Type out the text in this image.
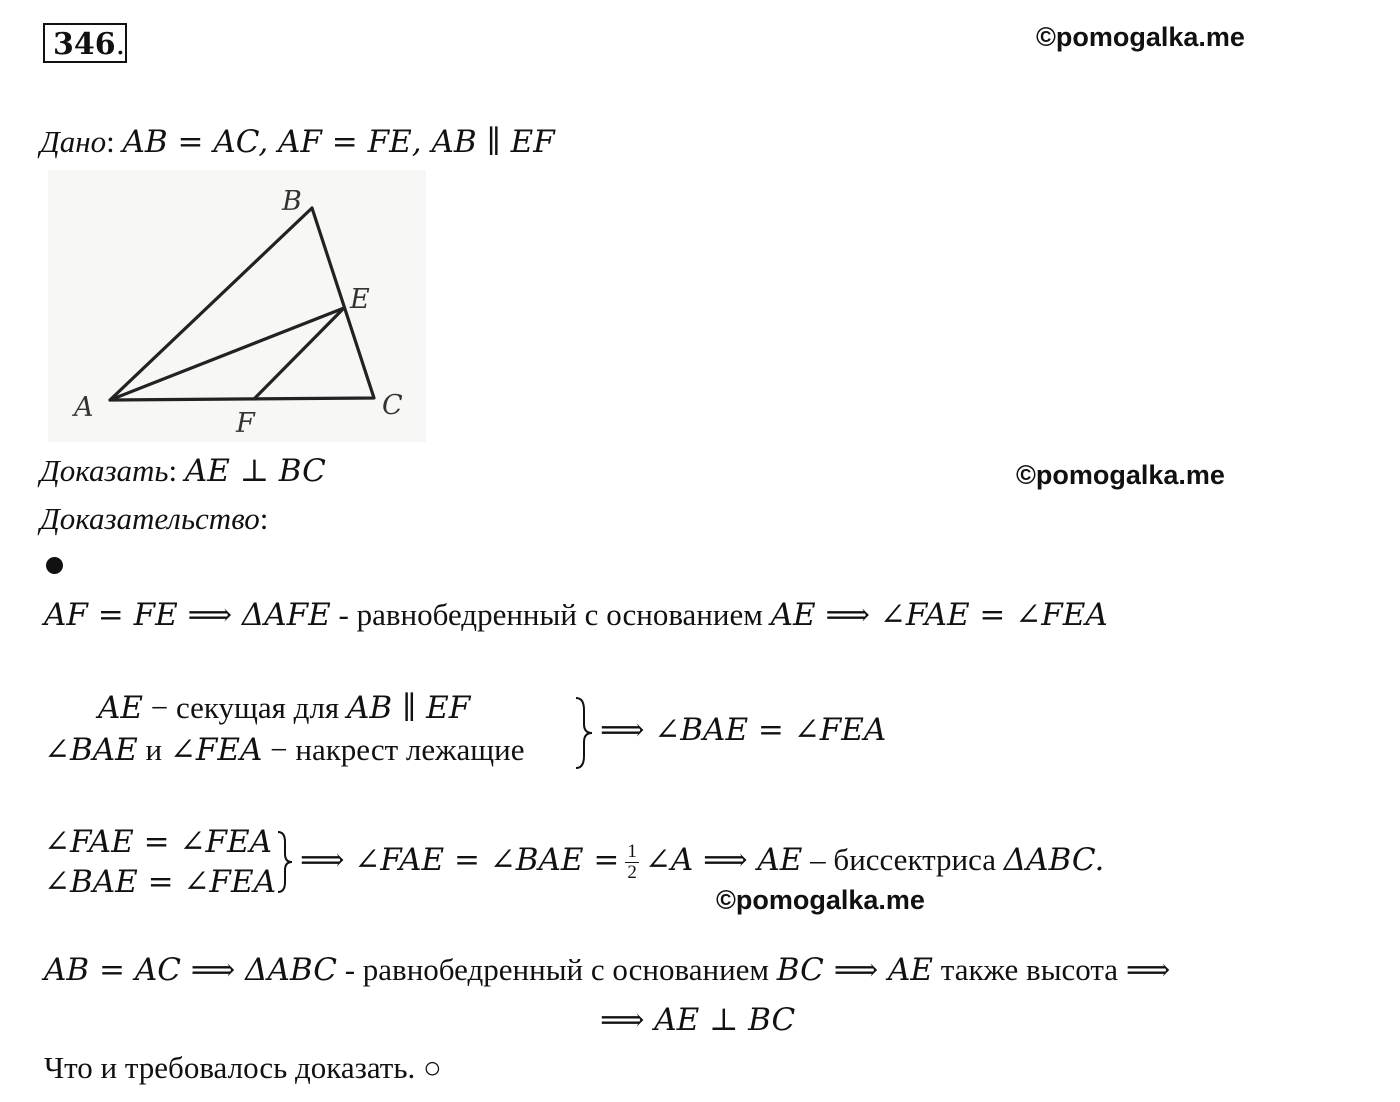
346.	©pomogalka.me
©pomogalka.me
©pomogalka.me
Дано: AB = AC, AF = FE, AB ∥ EF
B
E
A
F
C
Доказать: AE ⊥ BC
Доказательство:
AF = FE ⟹ ΔAFE - равнобедренный с основанием AE ⟹ ∠FAE = ∠FEA
AE − секущая для AB ∥ EF
∠BAE и ∠FEA − накрест лежащие
⟹ ∠BAE = ∠FEA
∠FAE = ∠FEA
∠BAE = ∠FEA
⟹ ∠FAE = ∠BAE = $\frac{1}{2}$ ∠A ⟹ AE – биссектриса ΔABC.
AB = AC ⟹ ΔABC - равнобедренный с основанием BC ⟹ AE также высота ⟹
⟹ AE ⊥ BC
Что и требовалось доказать. ○
